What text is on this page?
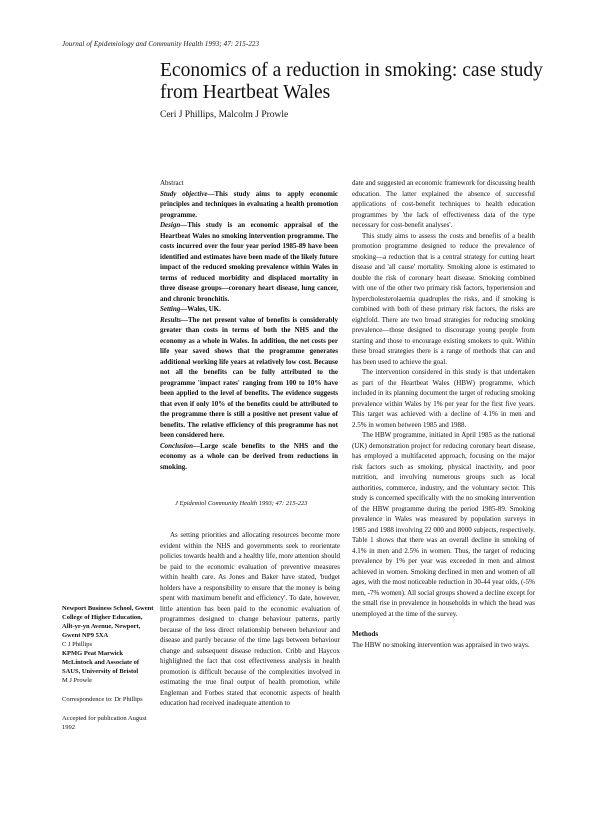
Journal of Epidemiology and Community Health 1993; 47: 215-223
Economics of a reduction in smoking: case study from Heartbeat Wales
Ceri J Phillips, Malcolm J Prowle

Abstract

Study objective—This study aims to apply economic principles and techniques in evaluating a health promotion programme.

Design—This study is an economic appraisal of the Heartbeat Wales no smoking intervention programme. The costs incurred over the four year period 1985-89 have been identified and estimates have been made of the likely future impact of the reduced smoking prevalence within Wales in terms of reduced morbidity and displaced mortality in three disease groups—coronary heart disease, lung cancer, and chronic bronchitis.

Setting—Wales, UK.

Results—The net present value of benefits is considerably greater than costs in terms of both the NHS and the economy as a whole in Wales. In addition, the net costs per life year saved shows that the programme generates additional working life years at relatively low cost. Because not all the benefits can be fully attributed to the programme 'impact rates' ranging from 100 to 10% have been applied to the level of benefits. The evidence suggests that even if only 10% of the benefits could be attributed to the programme there is still a positive net present value of benefits. The relative efficiency of this programme has not been considered here.

Conclusion—Large scale benefits to the NHS and the economy as a whole can be derived from reductions in smoking.

J Epidemiol Community Health 1993; 47: 215-223

As setting priorities and allocating resources become more evident within the NHS and governments seek to reorientate policies towards health and a healthy life, more attention should be paid to the economic evaluation of preventive measures within health care. As Jones and Baker have stated, 'budget holders have a responsibility to ensure that the money is being spent with maximum benefit and efficiency'. To date, however, little attention has been paid to the economic evaluation of programmes designed to change behaviour patterns, partly because of the less direct relationship between behaviour and disease and partly because of the time lags between behaviour change and subsequent disease reduction. Cribb and Haycox highlighted the fact that cost effectiveness analysis in health promotion is difficult because of the complexities involved in estimating the true final output of health promotion, while Engleman and Forbes stated that economic aspects of health education had received inadequate attention to

date and suggested an economic framework for discussing health education. The latter explained the absence of successful applications of cost-benefit techniques to health education programmes by 'the lack of effectiveness data of the type necessary for cost-benefit analyses'.

This study aims to assess the costs and benefits of a health promotion programme designed to reduce the prevalence of smoking—a reduction that is a central strategy for cutting heart disease and 'all cause' mortality. Smoking alone is estimated to double the risk of coronary heart disease. Smoking combined with one of the other two primary risk factors, hypertension and hypercholesterolaemia quadruples the risks, and if smoking is combined with both of these primary risk factors, the risks are eightfold. There are two broad strategies for reducing smoking prevalence—those designed to discourage young people from starting and those to encourage existing smokers to quit. Within these broad strategies there is a range of methods that can and has been used to achieve the goal.

The intervention considered in this study is that undertaken as part of the Heartbeat Wales (HBW) programme, which included in its planning document the target of reducing smoking prevalence within Wales by 1% per year for the first five years. This target was achieved with a decline of 4.1% in men and 2.5% in women between 1985 and 1988.

The HBW programme, initiated in April 1985 as the national (UK) demonstration project for reducing coronary heart disease, has employed a multifaceted approach, focusing on the major risk factors such as smoking, physical inactivity, and poor nutrition, and involving numerous groups such as local authorities, commerce, industry, and the voluntary sector. This study is concerned specifically with the no smoking intervention of the HBW programme during the period 1985-89. Smoking prevalence in Wales was measured by population surveys in 1985 and 1988 involving 22 000 and 8000 subjects, respectively. Table 1 shows that there was an overall decline in smoking of 4.1% in men and 2.5% in women. Thus, the target of reducing prevalence by 1% per year was exceeded in men and almost achieved in women. Smoking declined in men and women of all ages, with the most noticeable reduction in 30-44 year olds, (-5% men, -7% women). All social groups showed a decline except for the small rise in prevalence in households in which the head was unemployed at the time of the survey.

Methods

The HBW no smoking intervention was appraised in two ways.

Newport Business School, Gwent College of Higher Education, Allt-yr-yn Avenue, Newport, Gwent NP9 5XA
C J Phillips
KPMG Peat Marwick McLintock and Associate of SAUS, University of Bristol
M J Prowle
Correspondence to: Dr Phillips
Accepted for publication August 1992
